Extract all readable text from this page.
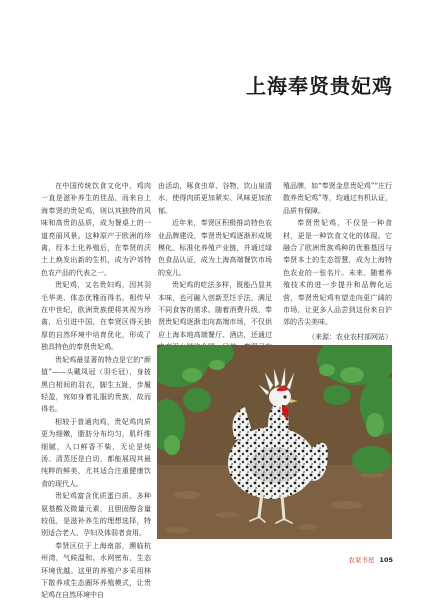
上海奉贤贵妃鸡

在中国传统饮食文化中，鸡肉一直是滋补养生的佳品，而来自上海奉贤的贵妃鸡，则以其独特的风味和高贵的品质，成为餐桌上的一道亮丽风景。这种原产于欧洲的珍禽，经本土化养殖后，在奉贤的沃土上焕发出新的生机，成为沪郊特色农产品的代表之一。

贵妃鸡，又名贵妇鸡，因其羽毛华美、体态优雅而得名。相传早在中世纪，欧洲贵族便将其视为珍禽，后引进中国，在奉贤区得天独厚的自然环境中培育优化，形成了独具特色的奉贤贵妃鸡。

贵妃鸡最显著的特点是它的“颜值”——头戴凤冠（羽毛冠），身披黑白相间的羽衣，脚生五趾，步履轻盈，宛如身着礼服的贵族，故而得名。

相较于普通肉鸡，贵妃鸡肉质更为细嫩，脂肪分布均匀，肌纤维细腻，入口鲜香不柴，无论是炖汤、清蒸还是白切，都能展现其最纯粹的鲜美，尤其适合注重健康饮食的现代人。

贵妃鸡富含优质蛋白质、多种氨基酸及微量元素，且胆固醇含量较低，是滋补养生的理想选择，特别适合老人、孕妇及体弱者食用。

奉贤区位于上海南部，濒临杭州湾，气候温和、水网密布，生态环境优越。这里的养殖户多采用林下散养或生态圈环养殖模式，让贵妃鸡在自然环境中自

由活动，啄食虫草、谷物，饮山泉清水，使得肉质更加紧实、风味更加浓郁。

近年来，奉贤区积极推动特色农业品牌建设，奉贤贵妃鸡逐渐形成规模化、标准化养殖产业链，并通过绿色食品认证，成为上海高端餐饮市场的宠儿。

贵妃鸡的吃法多样，既能凸显其本味，也可融入创新烹饪手法，满足不同食客的需求。随着消费升级，奉贤贵妃鸡逐渐走向高端市场，不仅供应上海本地高端餐厅、酒店，还通过

殖品牌，如“奉贤金息贵妃鸡”“庄行散养贵妃鸡”等，均通过有机认证，品质有保障。

奉贤贵妃鸡，不仅是一种食材，更是一种饮食文化的体现。它融合了欧洲贵族鸡种的优雅基因与奉贤本土的生态智慧，成为上海特色农业的一张名片。未来，随着养殖技术的进一步提升和品牌化运营，奉贤贵妃鸡有望走向更广阔的市场，让更多人品尝到这份来自沪郊的舌尖美味。

（来源：农业农村部网站）

农家书屋 105
